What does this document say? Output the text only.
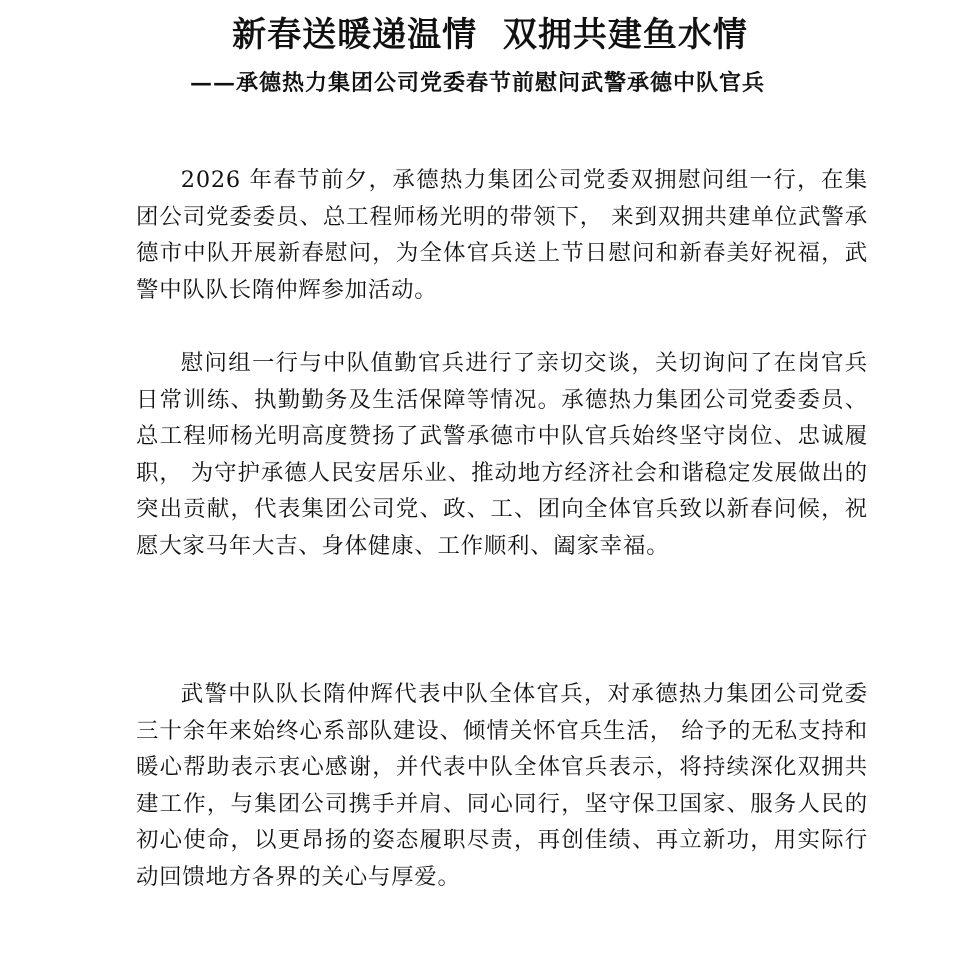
新春送暖递温情  双拥共建鱼水情
——承德热力集团公司党委春节前慰问武警承德中队官兵

2026 年春节前夕，承德热力集团公司党委双拥慰问组一行，在集团公司党委委员、总工程师杨光明的带领下， 来到双拥共建单位武警承德市中队开展新春慰问，为全体官兵送上节日慰问和新春美好祝福，武警中队队长隋仲辉参加活动。

慰问组一行与中队值勤官兵进行了亲切交谈，关切询问了在岗官兵日常训练、执勤勤务及生活保障等情况。承德热力集团公司党委委员、总工程师杨光明高度赞扬了武警承德市中队官兵始终坚守岗位、忠诚履职， 为守护承德人民安居乐业、推动地方经济社会和谐稳定发展做出的突出贡献，代表集团公司党、政、工、团向全体官兵致以新春问候，祝愿大家马年大吉、身体健康、工作顺利、阖家幸福。

武警中队队长隋仲辉代表中队全体官兵，对承德热力集团公司党委三十余年来始终心系部队建设、倾情关怀官兵生活， 给予的无私支持和暖心帮助表示衷心感谢，并代表中队全体官兵表示，将持续深化双拥共建工作，与集团公司携手并肩、同心同行，坚守保卫国家、服务人民的初心使命，以更昂扬的姿态履职尽责，再创佳绩、再立新功，用实际行动回馈地方各界的关心与厚爱。
